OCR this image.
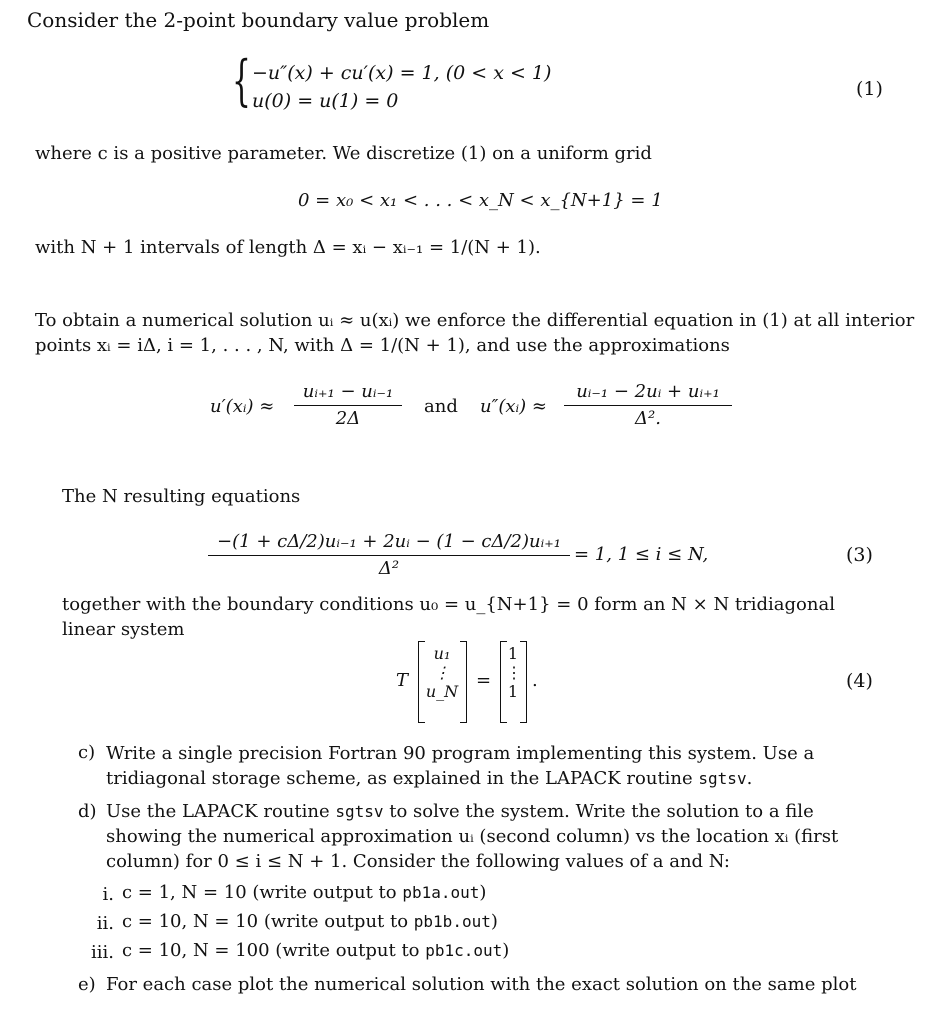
Consider the 2-point boundary value problem
{ −u″(x) + cu′(x) = 1, (0 < x < 1)
u(0) = u(1) = 0
(1)
where c is a positive parameter. We discretize (1) on a uniform grid
0 = x₀ < x₁ < . . . < x_N < x_{N+1} = 1
with N + 1 intervals of length Δ = xᵢ − xᵢ₋₁ = 1/(N + 1).
To obtain a numerical solution uᵢ ≈ u(xᵢ) we enforce the differential equation in (1) at all interior points xᵢ = iΔ, i = 1, . . . , N, with Δ = 1/(N + 1), and use the approximations
u′(xᵢ) ≈
uᵢ₊₁ − uᵢ₋₁
2Δ
and u″(xᵢ) ≈
uᵢ₋₁ − 2uᵢ + uᵢ₊₁
Δ².
The N resulting equations
−(1 + cΔ/2)uᵢ₋₁ + 2uᵢ − (1 − cΔ/2)uᵢ₊₁
Δ²
= 1, 1 ≤ i ≤ N,	(3)
together with the boundary conditions u₀ = u_{N+1} = 0 form an N × N tridiagonal linear system
T
u₁
⋮
u_N
=
1
⋮
1
.	(4)
c) Write a single precision Fortran 90 program implementing this system. Use a tridiagonal storage scheme, as explained in the LAPACK routine sgtsv.
d) Use the LAPACK routine sgtsv to solve the system. Write the solution to a file showing the numerical approximation uᵢ (second column) vs the location xᵢ (first column) for 0 ≤ i ≤ N + 1. Consider the following values of a and N:
i. c = 1, N = 10 (write output to pb1a.out)
ii. c = 10, N = 10 (write output to pb1b.out)
iii. c = 10, N = 100 (write output to pb1c.out)
e) For each case plot the numerical solution with the exact solution on the same plot
